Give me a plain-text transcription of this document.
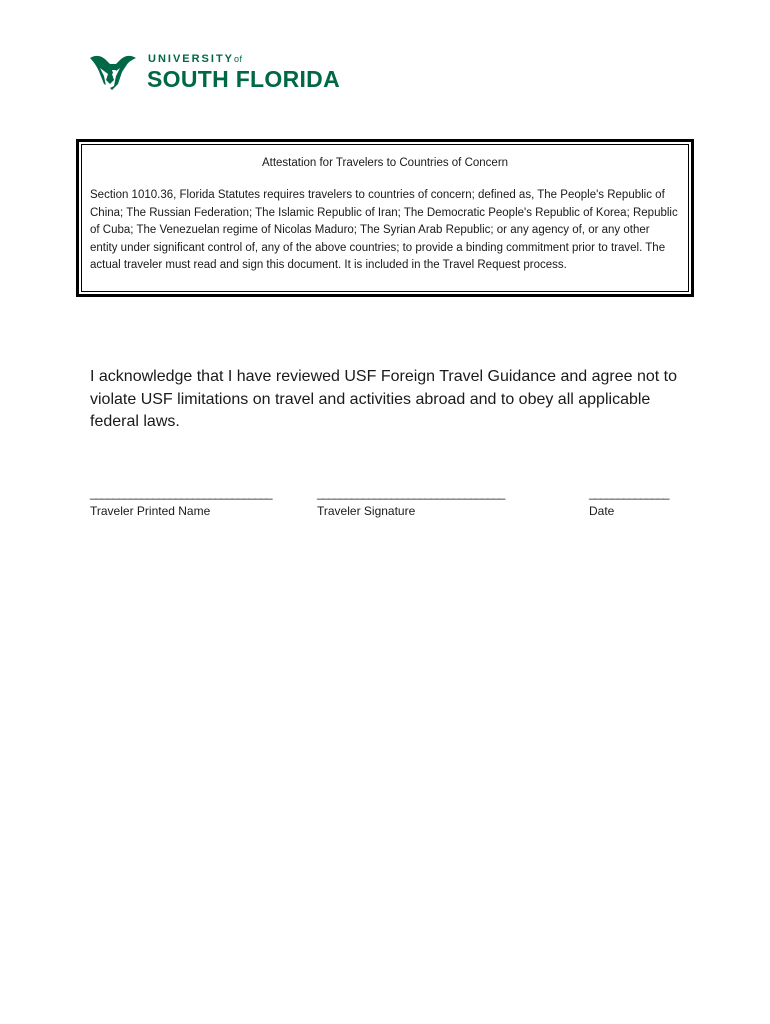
UNIVERSITYof
SOUTH FLORIDA

Attestation for Travelers to Countries of Concern

Section 1010.36, Florida Statutes requires travelers to countries of concern; defined as, The People's Republic of China; The Russian Federation; The Islamic Republic of Iran; The Democratic People's Republic of Korea; Republic of Cuba; The Venezuelan regime of Nicolas Maduro; The Syrian Arab Republic; or any agency of, or any other entity under significant control of, any of the above countries; to provide a binding commitment prior to travel. The actual traveler must read and sign this document. It is included in the Travel Request process.

I acknowledge that I have reviewed USF Foreign Travel Guidance and agree not to violate USF limitations on travel and activities abroad and to obey all applicable federal laws.

________________________________
Traveler Printed Name
_________________________________
Traveler Signature
______________
Date
